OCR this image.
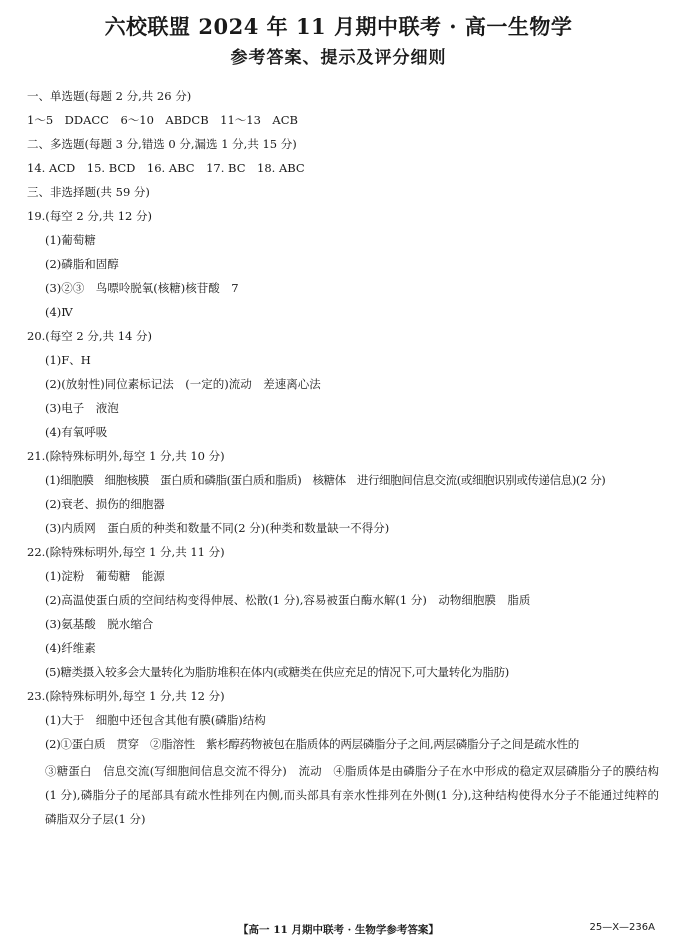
六校联盟 2024 年 11 月期中联考 · 高一生物学
参考答案、提示及评分细则
一、单选题(每题 2 分,共 26 分)
1～5　DDACC　6～10　ABDCB　11～13　ACB
二、多选题(每题 3 分,错选 0 分,漏选 1 分,共 15 分)
14. ACD　15. BCD　16. ABC　17. BC　18. ABC
三、非选择题(共 59 分)
19.(每空 2 分,共 12 分)
(1)葡萄糖
(2)磷脂和固醇
(3)②③　鸟嘌呤脱氧(核糖)核苷酸　7
(4)Ⅳ
20.(每空 2 分,共 14 分)
(1)F、H
(2)(放射性)同位素标记法　(一定的)流动　差速离心法
(3)电子　液泡
(4)有氧呼吸
21.(除特殊标明外,每空 1 分,共 10 分)
(1)细胞膜　细胞核膜　蛋白质和磷脂(蛋白质和脂质)　核糖体　进行细胞间信息交流(或细胞识别或传递信息)(2 分)
(2)衰老、损伤的细胞器
(3)内质网　蛋白质的种类和数量不同(2 分)(种类和数量缺一不得分)
22.(除特殊标明外,每空 1 分,共 11 分)
(1)淀粉　葡萄糖　能源
(2)高温使蛋白质的空间结构变得伸展、松散(1 分),容易被蛋白酶水解(1 分)　动物细胞膜　脂质
(3)氨基酸　脱水缩合
(4)纤维素
(5)糖类摄入较多会大量转化为脂肪堆积在体内(或糖类在供应充足的情况下,可大量转化为脂肪)
23.(除特殊标明外,每空 1 分,共 12 分)
(1)大于　细胞中还包含其他有膜(磷脂)结构
(2)①蛋白质　贯穿　②脂溶性　紫杉醇药物被包在脂质体的两层磷脂分子之间,两层磷脂分子之间是疏水性的
③糖蛋白　信息交流(写细胞间信息交流不得分)　流动　④脂质体是由磷脂分子在水中形成的稳定双层磷脂分子的膜结构(1 分),磷脂分子的尾部具有疏水性排列在内侧,而头部具有亲水性排列在外侧(1 分),这种结构使得水分子不能通过纯粹的磷脂双分子层(1 分)
【高一 11 月期中联考 · 生物学参考答案】	25—X—236A
